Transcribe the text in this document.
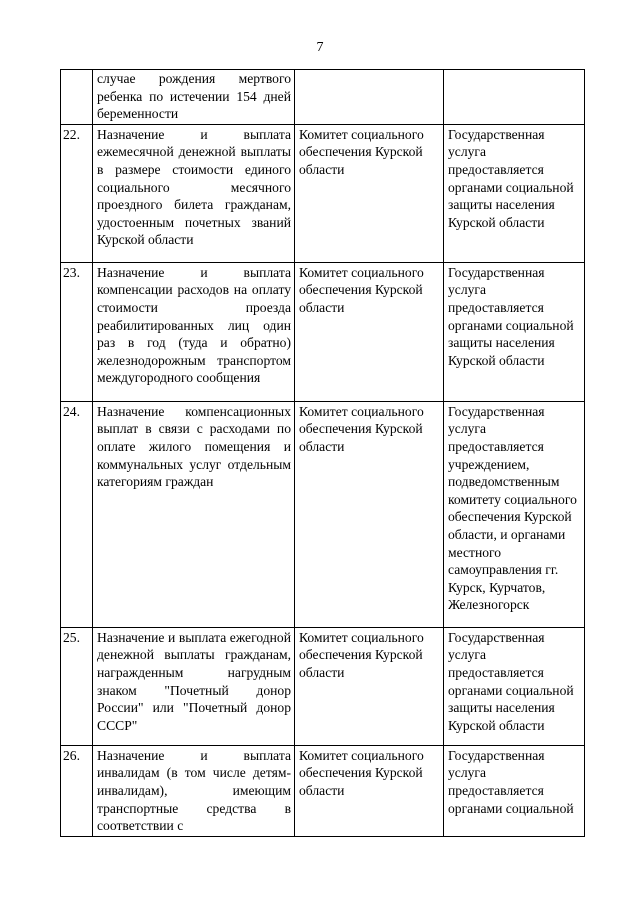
7
	случае рождения мертвого ребенка по истечении 154 дней беременности		
22.	Назначение и выплата ежемесячной денежной выплаты в размере стоимости единого социального месячного проездного билета гражданам, удостоенным почетных званий Курской области	Комитет социального обеспечения Курской области	Государственная услуга предоставляется органами социальной защиты населения Курской области
23.	Назначение и выплата компенсации расходов на оплату стоимости проезда реабилитированных лиц один раз в год (туда и обратно) железнодорожным транспортом междугородного сообщения	Комитет социального обеспечения Курской области	Государственная услуга предоставляется органами социальной защиты населения Курской области
24.	Назначение компенсационных выплат в связи с расходами по оплате жилого помещения и коммунальных услуг отдельным категориям граждан	Комитет социального обеспечения Курской области	Государственная услуга предоставляется учреждением, подведомственным комитету социального обеспечения Курской области, и органами местного самоуправления гг. Курск, Курчатов, Железногорск
25.	Назначение и выплата ежегодной денежной выплаты гражданам, награжденным нагрудным знаком "Почетный донор России" или "Почетный донор СССР"	Комитет социального обеспечения Курской области	Государственная услуга предоставляется органами социальной защиты населения Курской области
26.	Назначение и выплата инвалидам (в том числе детям-инвалидам), имеющим транспортные средства в соответствии с	Комитет социального обеспечения Курской области	Государственная услуга предоставляется органами социальной
